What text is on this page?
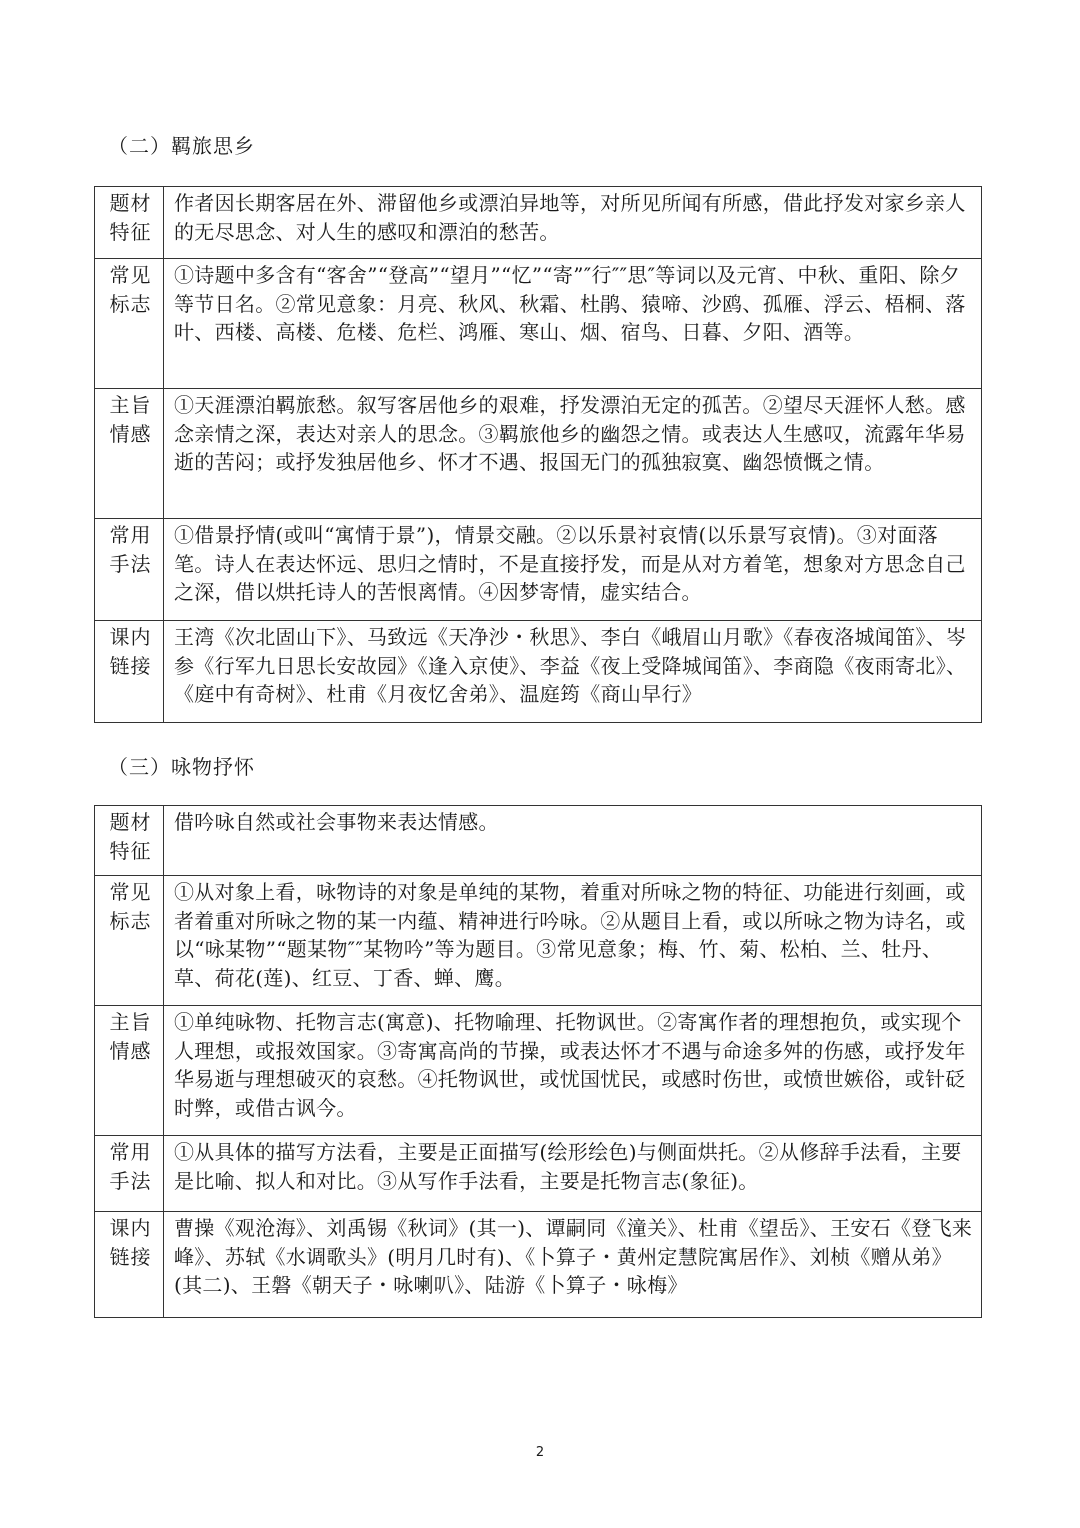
（二）羁旅思乡
题材
特征	作者因长期客居在外、滞留他乡或漂泊异地等，对所见所闻有所感，借此抒发对家乡亲人的无尽思念、对人生的感叹和漂泊的愁苦。

常见
标志	①诗题中多含有“客舍”“登高”“望月”“忆”“寄”″行″″思″等词以及元宵、中秋、重阳、除夕等节日名。②常见意象：月亮、秋风、秋霜、杜鹃、猿啼、沙鸥、孤雁、浮云、梧桐、落叶、西楼、高楼、危楼、危栏、鸿雁、寒山、烟、宿鸟、日暮、夕阳、酒等。

主旨
情感	①天涯漂泊羁旅愁。叙写客居他乡的艰难，抒发漂泊无定的孤苦。②望尽天涯怀人愁。感念亲情之深，表达对亲人的思念。③羁旅他乡的幽怨之情。或表达人生感叹，流露年华易逝的苦闷；或抒发独居他乡、怀才不遇、报国无门的孤独寂寞、幽怨愤慨之情。

常用
手法	①借景抒情(或叫“寓情于景”)，情景交融。②以乐景衬哀情(以乐景写哀情)。③对面落笔。诗人在表达怀远、思归之情时，不是直接抒发，而是从对方着笔，想象对方思念自己之深，借以烘托诗人的苦恨离情。④因梦寄情，虚实结合。

课内
链接	王湾《次北固山下》、马致远《天净沙・秋思》、李白《峨眉山月歌》《春夜洛城闻笛》、岑参《行军九日思长安故园》《逢入京使》、李益《夜上受降城闻笛》、李商隐《夜雨寄北》、《庭中有奇树》、杜甫《月夜忆舍弟》、温庭筠《商山早行》
（三）咏物抒怀
题材
特征	借吟咏自然或社会事物来表达情感。

常见
标志	①从对象上看，咏物诗的对象是单纯的某物，着重对所咏之物的特征、功能进行刻画，或者着重对所咏之物的某一内蕴、精神进行吟咏。②从题目上看，或以所咏之物为诗名，或以“咏某物”“题某物″″某物吟”等为题目。③常见意象；梅、竹、菊、松柏、兰、牡丹、草、荷花(莲)、红豆、丁香、蝉、鹰。

主旨
情感	①单纯咏物、托物言志(寓意)、托物喻理、托物讽世。②寄寓作者的理想抱负，或实现个人理想，或报效国家。③寄寓高尚的节操，或表达怀才不遇与命途多舛的伤感，或抒发年华易逝与理想破灭的哀愁。④托物讽世，或忧国忧民，或感时伤世，或愤世嫉俗，或针砭时弊，或借古讽今。

常用
手法	①从具体的描写方法看，主要是正面描写(绘形绘色)与侧面烘托。②从修辞手法看，主要是比喻、拟人和对比。③从写作手法看，主要是托物言志(象征)。

课内
链接	曹操《观沧海》、刘禹锡《秋词》(其一)、谭嗣同《潼关》、杜甫《望岳》、王安石《登飞来峰》、苏轼《水调歌头》(明月几时有)、《卜算子・黄州定慧院寓居作》、刘桢《赠从弟》(其二)、王磐《朝天子・咏喇叭》、陆游《卜算子・咏梅》
2
